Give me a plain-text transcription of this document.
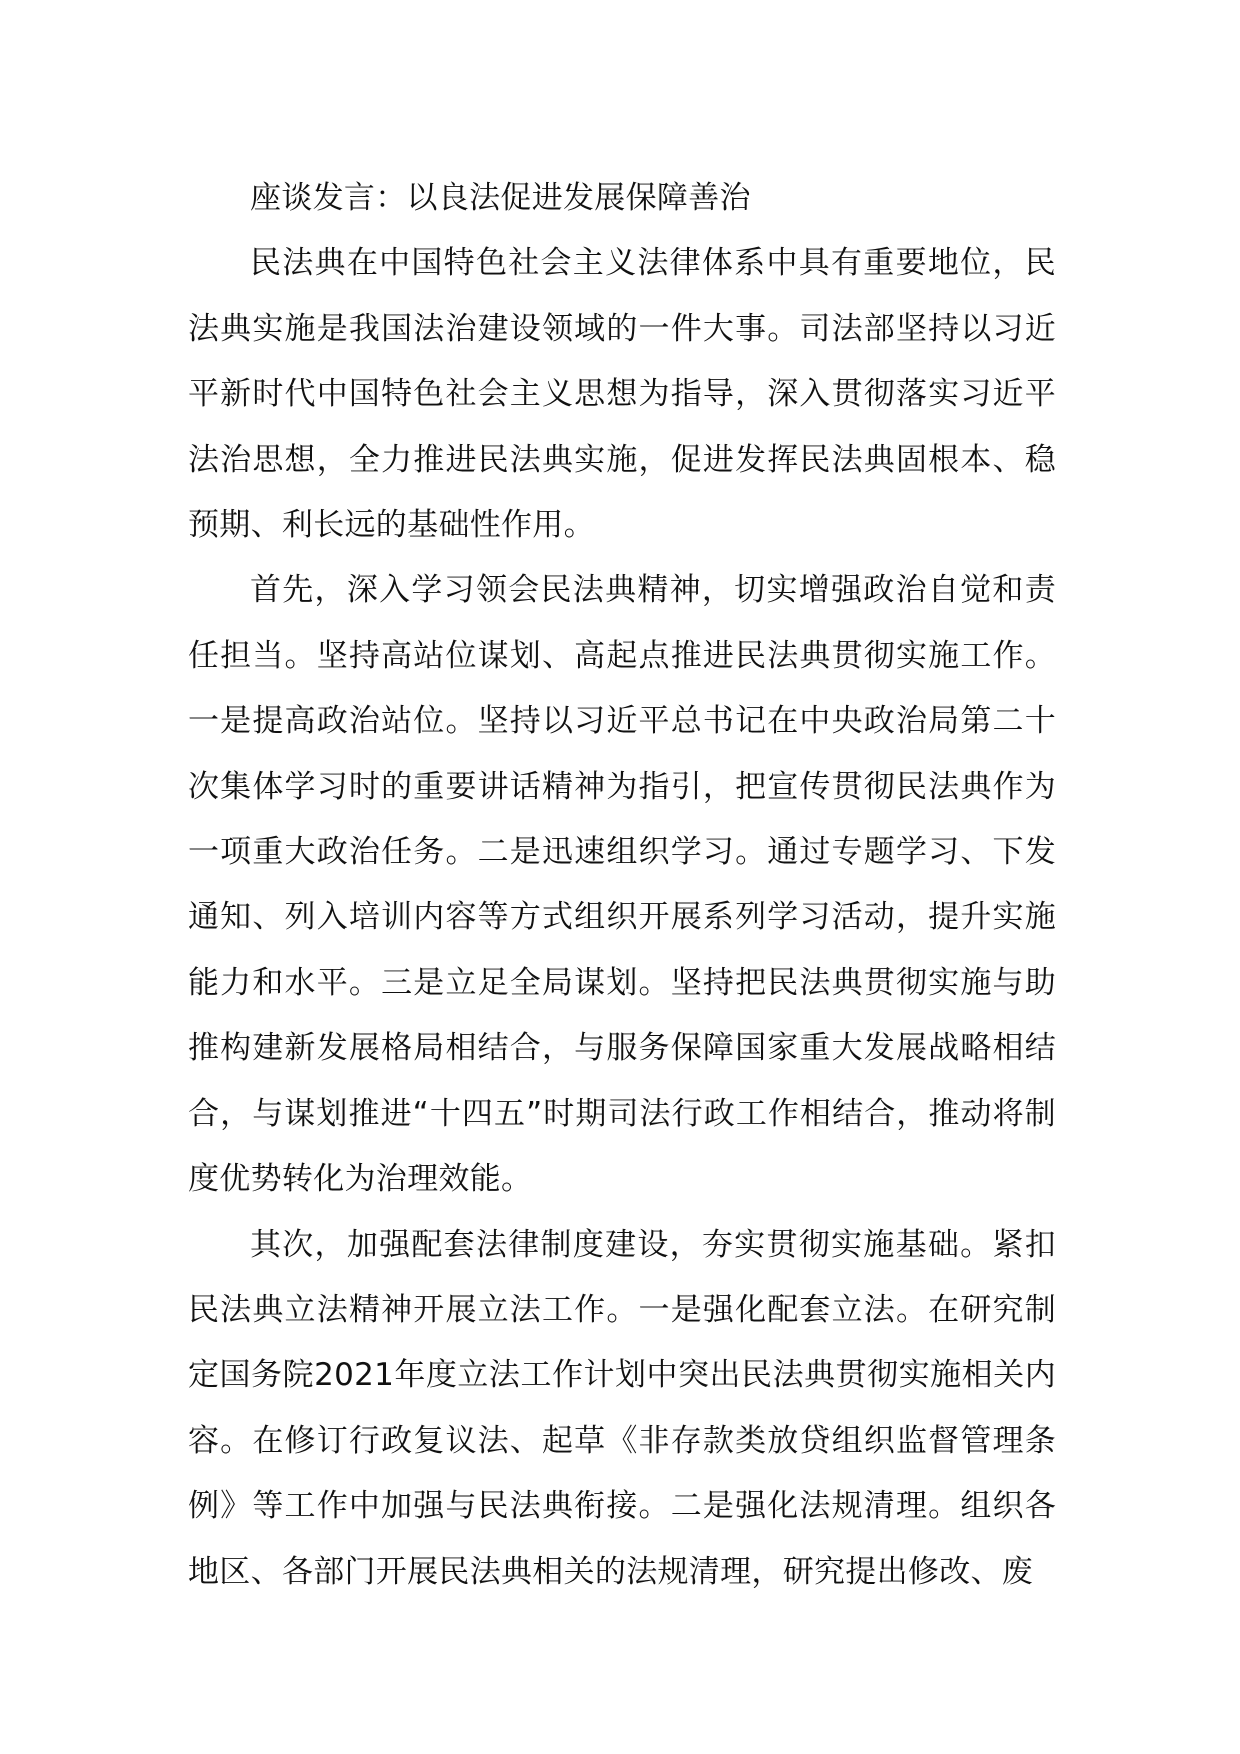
座谈发言：以良法促进发展保障善治

民法典在中国特色社会主义法律体系中具有重要地位，民法典实施是我国法治建设领域的一件大事。司法部坚持以习近平新时代中国特色社会主义思想为指导，深入贯彻落实习近平法治思想，全力推进民法典实施，促进发挥民法典固根本、稳预期、利长远的基础性作用。

首先，深入学习领会民法典精神，切实增强政治自觉和责任担当。坚持高站位谋划、高起点推进民法典贯彻实施工作。一是提高政治站位。坚持以习近平总书记在中央政治局第二十次集体学习时的重要讲话精神为指引，把宣传贯彻民法典作为一项重大政治任务。二是迅速组织学习。通过专题学习、下发通知、列入培训内容等方式组织开展系列学习活动，提升实施能力和水平。三是立足全局谋划。坚持把民法典贯彻实施与助推构建新发展格局相结合，与服务保障国家重大发展战略相结合，与谋划推进“十四五”时期司法行政工作相结合，推动将制度优势转化为治理效能。

其次，加强配套法律制度建设，夯实贯彻实施基础。紧扣民法典立法精神开展立法工作。一是强化配套立法。在研究制定国务院2021年度立法工作计划中突出民法典贯彻实施相关内容。在修订行政复议法、起草《非存款类放贷组织监督管理条例》等工作中加强与民法典衔接。二是强化法规清理。组织各地区、各部门开展民法典相关的法规清理，研究提出修改、废
